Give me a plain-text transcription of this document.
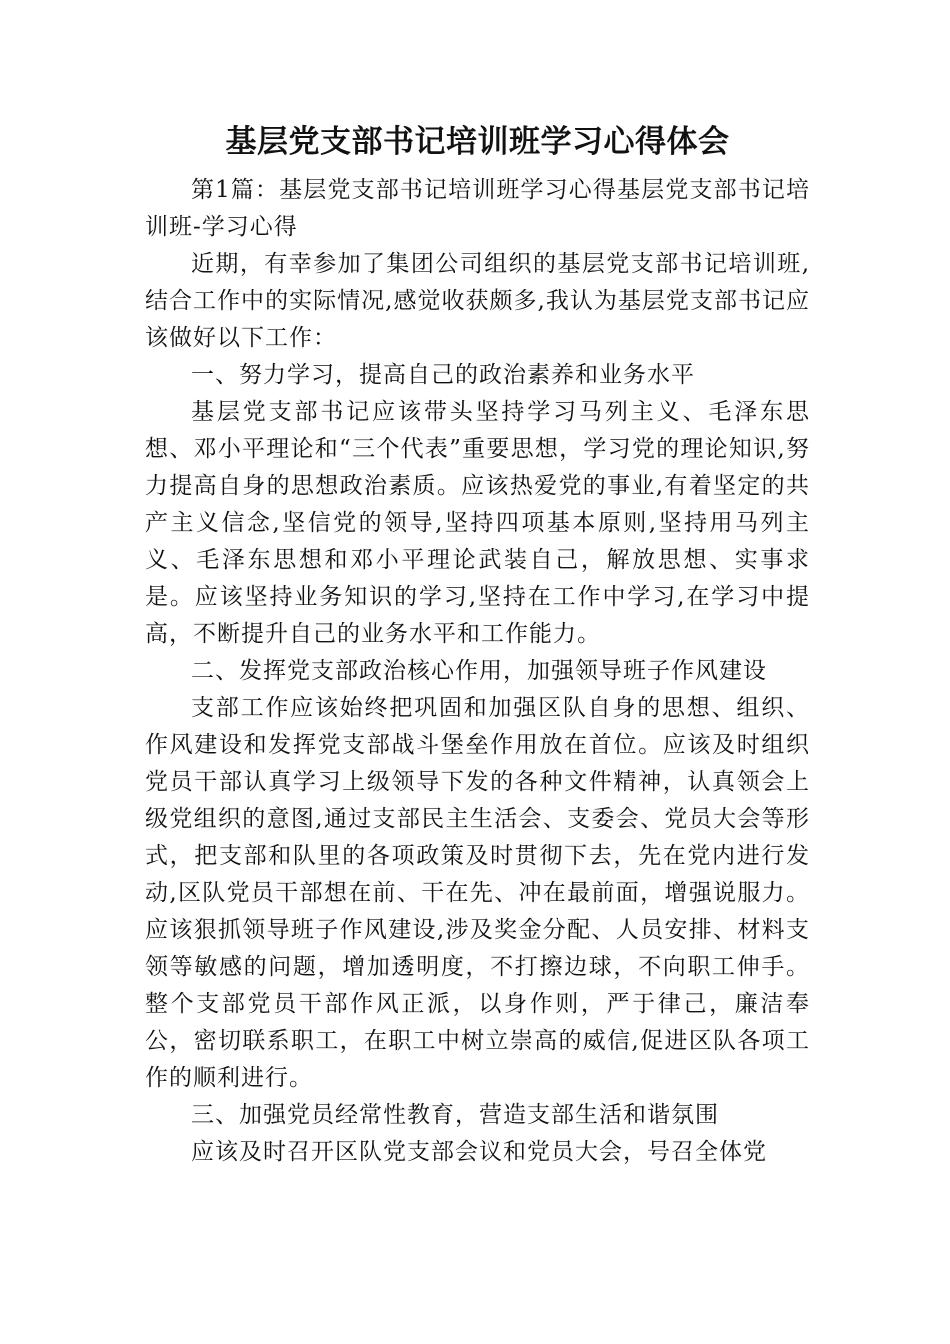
基层党支部书记培训班学习心得体会

第1篇：基层党支部书记培训班学习心得基层党支部书记培训班-学习心得

近期，有幸参加了集团公司组织的基层党支部书记培训班,结合工作中的实际情况,感觉收获颇多,我认为基层党支部书记应该做好以下工作：

一、努力学习，提高自己的政治素养和业务水平

基层党支部书记应该带头坚持学习马列主义、毛泽东思想、邓小平理论和“三个代表”重要思想，学习党的理论知识,努力提高自身的思想政治素质。应该热爱党的事业,有着坚定的共产主义信念,坚信党的领导,坚持四项基本原则,坚持用马列主义、毛泽东思想和邓小平理论武装自己，解放思想、实事求是。应该坚持业务知识的学习,坚持在工作中学习,在学习中提高，不断提升自己的业务水平和工作能力。

二、发挥党支部政治核心作用，加强领导班子作风建设

支部工作应该始终把巩固和加强区队自身的思想、组织、作风建设和发挥党支部战斗堡垒作用放在首位。应该及时组织党员干部认真学习上级领导下发的各种文件精神，认真领会上级党组织的意图,通过支部民主生活会、支委会、党员大会等形式，把支部和队里的各项政策及时贯彻下去，先在党内进行发动,区队党员干部想在前、干在先、冲在最前面，增强说服力。应该狠抓领导班子作风建设,涉及奖金分配、人员安排、材料支领等敏感的问题，增加透明度，不打擦边球，不向职工伸手。整个支部党员干部作风正派，以身作则，严于律己，廉洁奉公，密切联系职工，在职工中树立崇高的威信,促进区队各项工作的顺利进行。

三、加强党员经常性教育，营造支部生活和谐氛围

应该及时召开区队党支部会议和党员大会，号召全体党
